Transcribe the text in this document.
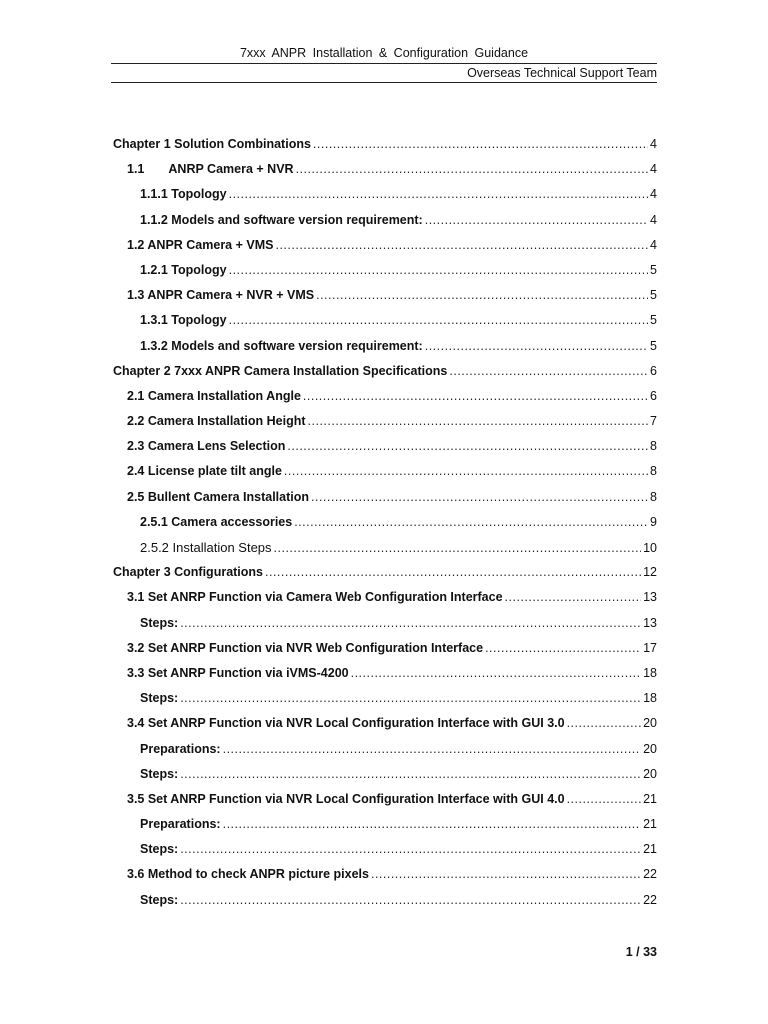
7xxx ANPR Installation & Configuration Guidance
Overseas Technical Support Team
Chapter 1 Solution Combinations .....	4
1.1 ANRP Camera + NVR .....	4
1.1.1 Topology .....	4
1.1.2 Models and software version requirement: .....	4
1.2 ANPR Camera + VMS .....	4
1.2.1 Topology .....	5
1.3 ANPR Camera + NVR + VMS .....	5
1.3.1 Topology .....	5
1.3.2 Models and software version requirement: .....	5
Chapter 2 7xxx ANPR Camera Installation Specifications .....	6
2.1 Camera Installation Angle .....	6
2.2 Camera Installation Height .....	7
2.3 Camera Lens Selection .....	8
2.4 License plate tilt angle .....	8
2.5 Bullent Camera Installation .....	8
2.5.1 Camera accessories .....	9
2.5.2 Installation Steps .....	10
Chapter 3 Configurations .....	12
3.1 Set ANRP Function via Camera Web Configuration Interface .....	13
Steps: .....	13
3.2 Set ANRP Function via NVR Web Configuration Interface .....	17
3.3 Set ANRP Function via iVMS-4200 .....	18
Steps: .....	18
3.4 Set ANRP Function via NVR Local Configuration Interface with GUI 3.0 .....	20
Preparations: .....	20
Steps: .....	20
3.5 Set ANRP Function via NVR Local Configuration Interface with GUI 4.0 .....	21
Preparations: .....	21
Steps: .....	21
3.6 Method to check ANPR picture pixels .....	22
Steps: .....	22
1 / 33
